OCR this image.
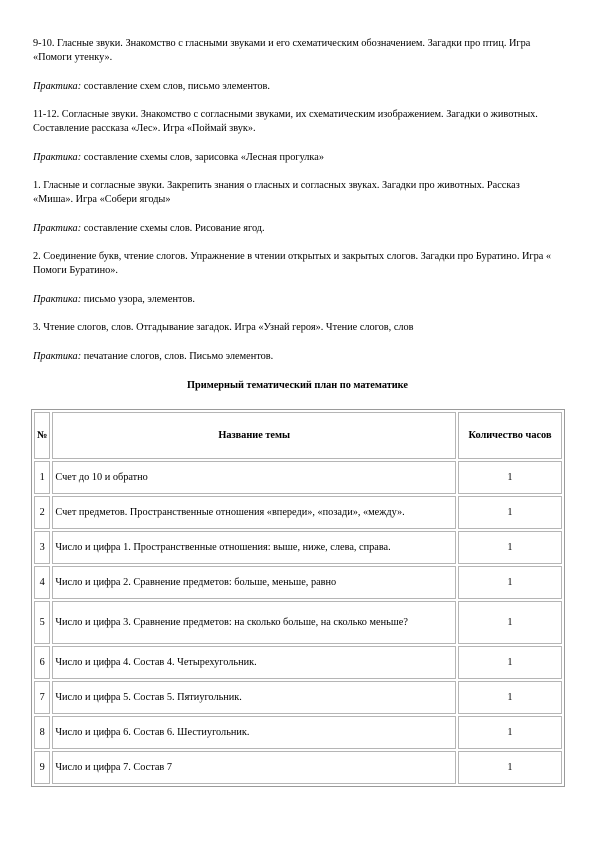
9-10. Гласные звуки. Знакомство с гласными звуками и его схематическим обозначением. Загадки про птиц. Игра «Помоги утенку».
Практика: составление схем слов, письмо элементов.
11-12. Согласные звуки. Знакомство с согласными звуками, их схематическим изображением. Загадки о животных. Составление рассказа «Лес». Игра «Поймай звук».
Практика: составление схемы слов, зарисовка «Лесная прогулка»
1. Гласные и согласные звуки. Закрепить знания о гласных и согласных звуках. Загадки про животных. Рассказ «Миша». Игра «Собери ягоды»
Практика: составление схемы слов. Рисование ягод.
2. Соединение букв, чтение слогов. Упражнение в чтении открытых и закрытых слогов. Загадки про Буратино. Игра « Помоги Буратино».
Практика: письмо узора, элементов.
3. Чтение слогов, слов. Отгадывание загадок. Игра «Узнай героя». Чтение слогов, слов
Практика: печатание слогов, слов. Письмо элементов.
Примерный тематический план по математике
№	Название темы	Количество часов
1	Счет до 10 и обратно	1
2	Счет предметов. Пространственные отношения «впереди», «позади», «между».	1
3	Число и цифра 1. Пространственные отношения: выше, ниже, слева, справа.	1
4	Число и цифра 2. Сравнение предметов: больше, меньше, равно	1
5	Число и цифра 3. Сравнение предметов: на сколько больше, на сколько меньше?	1
6	Число и цифра 4. Состав 4. Четырехугольник.	1
7	Число и цифра 5. Состав 5. Пятиугольник.	1
8	Число и цифра 6. Состав 6. Шестиугольник.	1
9	Число и цифра 7. Состав 7	1
